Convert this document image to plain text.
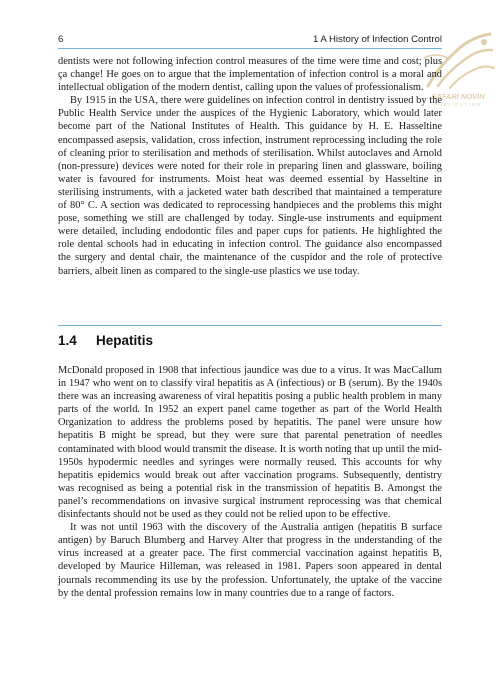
6	1 A History of Infection Control
SAFARI NOVIN
PUBLICATION

dentists were not following infection control measures of the time were time and cost; plus ça change! He goes on to argue that the implementation of infection control is a moral and intellectual obligation of the modern dentist, calling upon the values of professionalism.

By 1915 in the USA, there were guidelines on infection control in dentistry issued by the Public Health Service under the auspices of the Hygienic Laboratory, which would later become part of the National Institutes of Health. This guidance by H. E. Hasseltine encompassed asepsis, validation, cross infection, instrument reprocessing including the role of cleaning prior to sterilisation and methods of sterilisation. Whilst autoclaves and Arnold (non-pressure) devices were noted for their role in preparing linen and glassware, boiling water is favoured for instruments. Moist heat was deemed essential by Hasseltine in sterilising instruments, with a jacketed water bath described that maintained a temperature of 80° C. A section was dedicated to reprocessing handpieces and the problems this might pose, something we still are challenged by today. Single-use instruments and equipment were detailed, including endodontic files and paper cups for patients. He highlighted the role dental schools had in educating in infection control. The guidance also encompassed the surgery and dental chair, the maintenance of the cuspidor and the role of protective barriers, albeit linen as compared to the single-use plastics we use today.

1.4 Hepatitis

McDonald proposed in 1908 that infectious jaundice was due to a virus. It was MacCallum in 1947 who went on to classify viral hepatitis as A (infectious) or B (serum). By the 1940s there was an increasing awareness of viral hepatitis posing a public health problem in many parts of the world. In 1952 an expert panel came together as part of the World Health Organization to address the problems posed by hepatitis. The panel were unsure how hepatitis B might be spread, but they were sure that parental penetration of needles contaminated with blood would transmit the disease. It is worth noting that up until the mid-1950s hypodermic needles and syringes were normally reused. This accounts for why hepatitis epidemics would break out after vaccination programs. Subsequently, dentistry was recognised as being a potential risk in the transmission of hepatitis B. Amongst the panel’s recommendations on invasive surgical instrument reprocessing was that chemical disinfectants should not be used as they could not be relied upon to be effective.

It was not until 1963 with the discovery of the Australia antigen (hepatitis B surface antigen) by Baruch Blumberg and Harvey Alter that progress in the understanding of the virus increased at a greater pace. The first commercial vaccination against hepatitis B, developed by Maurice Hilleman, was released in 1981. Papers soon appeared in dental journals recommending its use by the profession. Unfortunately, the uptake of the vaccine by the dental profession remains low in many countries due to a range of factors.
